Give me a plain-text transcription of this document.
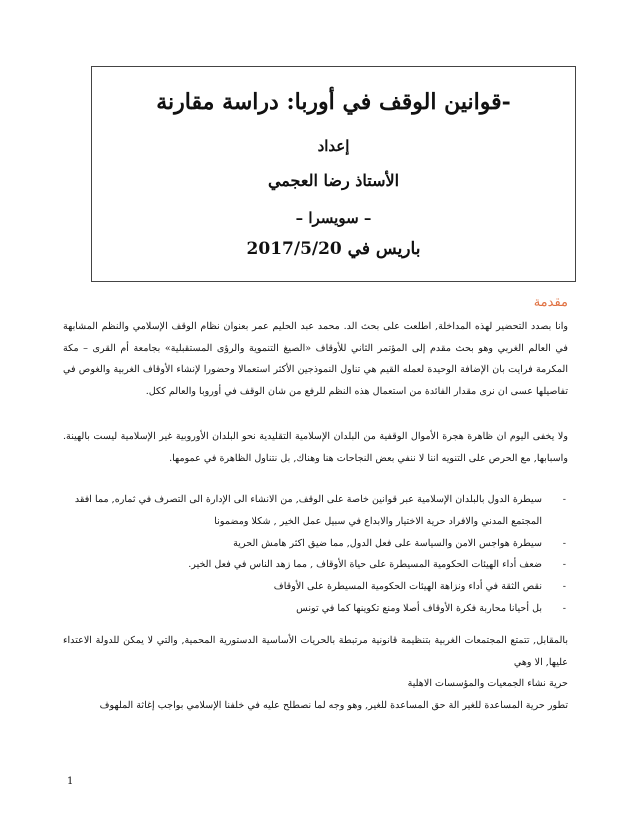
-قوانين الوقف في أوربا: دراسة مقارنة
إعداد
الأستاذ رضا العجمي
– سويسرا –
باريس في 2017/5/20
مقدمة

وانا بصدد التحضير لهذه المداخلة, اطلعت على بحث الد. محمد عبد الحليم عمر بعنوان نظام الوقف الإسلامي والنظم المشابهة في العالم الغربي وهو بحث مقدم إلى المؤتمر الثاني للأوقاف «الصيغ التنموية والرؤى المستقبلية» بجامعة أم القرى – مكة المكرمة فرايت بان الإضافة الوحيدة لعمله القيم هي تناول النموذجين الأكثر استعمالا وحضورا لإنشاء الأوقاف الغربية والغوص في تفاصيلها عسى ان نرى مقدار الفائدة من استعمال هذه النظم للرفع من شان الوقف في أوروبا والعالم ككل.

ولا يخفى اليوم ان ظاهرة هجرة الأموال الوقفية من البلدان الإسلامية التقليدية نحو البلدان الأوروبية غير الإسلامية ليست بالهينة. واسبابها, مع الحرص على التنويه اننا لا ننفي بعض النجاحات هنا وهناك, بل نتناول الظاهرة في عمومها.

-
سيطرة الدول بالبلدان الإسلامية عبر قوانين خاصة على الوقف, من الانشاء الى الإدارة الى التصرف في ثماره, مما افقد المجتمع المدني والافراد حرية الاختيار والابداع في سبيل عمل الخير , شكلا ومضمونا
-
سيطرة هواجس الامن والسياسة على فعل الدول, مما ضيق اكثر هامش الحرية
-
ضعف أداء الهيئات الحكومية المسيطرة على حياة الأوقاف , مما زهد الناس في فعل الخير.
-
نقص الثقة في أداء ونزاهة الهيئات الحكومية المسيطرة على الأوقاف
-
بل أحيانا محاربة فكرة الأوقاف أصلا ومنع تكوينها كما في تونس
بالمقابل, تتمتع المجتمعات الغربية بتنظيمة قانونية مرتبطة بالحريات الأساسية الدستورية المحمية, والتي لا يمكن للدولة الاعتداء عليها, الا وهي
حرية نشاء الجمعيات والمؤسسات الاهلية
تطور حرية المساعدة للغير الة حق المساعدة للغير, وهو وجه لما نصطلح عليه في خلفنا الإسلامي بواجب إغاثة الملهوف
1
